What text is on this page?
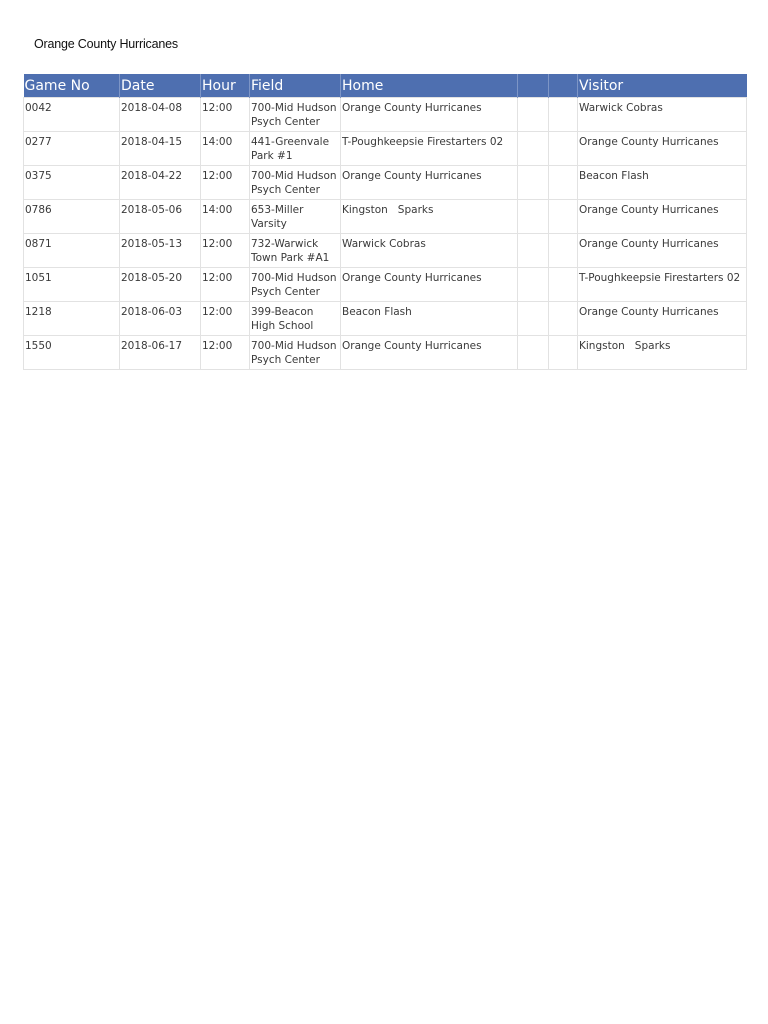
Orange County Hurricanes
Game No	Date	Hour	Field	Home			Visitor
0042	2018-04-08	12:00	700-Mid Hudson Psych Center	Orange County Hurricanes			Warwick Cobras
0277	2018-04-15	14:00	441-Greenvale Park #1	T-Poughkeepsie Firestarters 02			Orange County Hurricanes
0375	2018-04-22	12:00	700-Mid Hudson Psych Center	Orange County Hurricanes			Beacon Flash
0786	2018-05-06	14:00	653-Miller Varsity	Kingston   Sparks			Orange County Hurricanes
0871	2018-05-13	12:00	732-Warwick Town Park #A1	Warwick Cobras			Orange County Hurricanes
1051	2018-05-20	12:00	700-Mid Hudson Psych Center	Orange County Hurricanes			T-Poughkeepsie Firestarters 02
1218	2018-06-03	12:00	399-Beacon High School	Beacon Flash			Orange County Hurricanes
1550	2018-06-17	12:00	700-Mid Hudson Psych Center	Orange County Hurricanes			Kingston   Sparks
